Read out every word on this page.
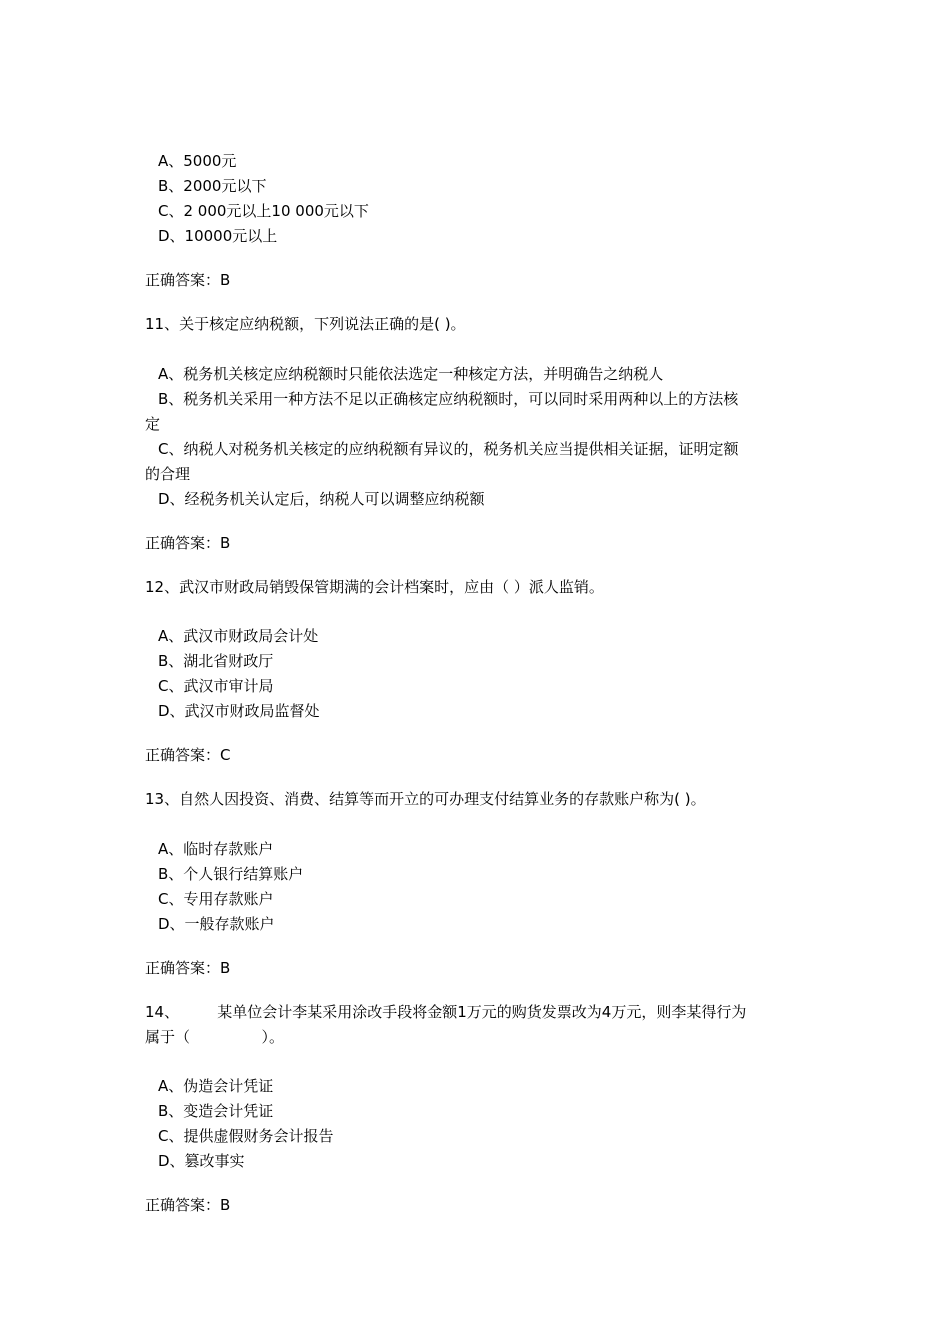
A、5000元
B、2000元以下
C、2 000元以上10 000元以下
D、10000元以上
正确答案：B
11、关于核定应纳税额，下列说法正确的是( )。
A、税务机关核定应纳税额时只能依法选定一种核定方法，并明确告之纳税人
B、税务机关采用一种方法不足以正确核定应纳税额时，可以同时采用两种以上的方法核
定
C、纳税人对税务机关核定的应纳税额有异议的，税务机关应当提供相关证据，证明定额
的合理
D、经税务机关认定后，纳税人可以调整应纳税额
正确答案：B
12、武汉市财政局销毁保管期满的会计档案时，应由（ ）派人监销。
A、武汉市财政局会计处
B、湖北省财政厅
C、武汉市审计局
D、武汉市财政局监督处
正确答案：C
13、自然人因投资、消费、结算等而开立的可办理支付结算业务的存款账户称为( )。
A、临时存款账户
B、个人银行结算账户
C、专用存款账户
D、一般存款账户
正确答案：B
14、        某单位会计李某采用涂改手段将金额1万元的购货发票改为4万元，则李某得行为
属于（               ）。
A、伪造会计凭证
B、变造会计凭证
C、提供虚假财务会计报告
D、篡改事实
正确答案：B
